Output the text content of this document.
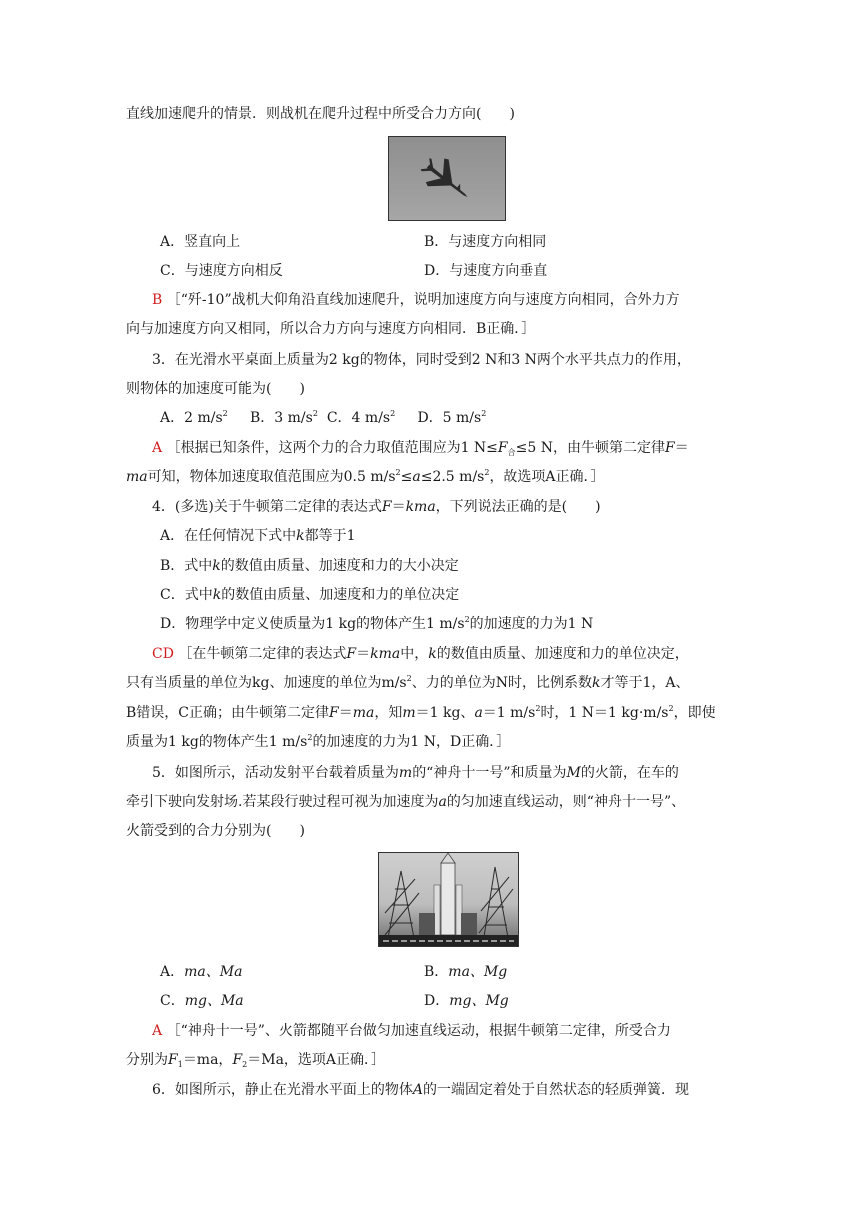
直线加速爬升的情景．则战机在爬升过程中所受合力方向(　　)
A．竖直向上	B．与速度方向相同
C．与速度方向相反	D．与速度方向垂直
B ［“歼-10”战机大仰角沿直线加速爬升，说明加速度方向与速度方向相同，合外力方
向与加速度方向又相同，所以合力方向与速度方向相同．B正确．］
3．在光滑水平桌面上质量为2 kg的物体，同时受到2 N和3 N两个水平共点力的作用，
则物体的加速度可能为(　　)
A．2 $m/s^2$ B．3 $m/s^2$ C．4 $m/s^2$ D．5 $m/s^2$
A ［根据已知条件，这两个力的合力取值范围应为1 $N\le F_合\le 5$ N，由牛顿第二定律F＝
ma可知，物体加速度取值范围应为0.5 $m/s^2\le a\le 2.5$ $m/s^2$，故选项A正确．］
4．(多选)关于牛顿第二定律的表达式F＝kma，下列说法正确的是(　　)
A．在任何情况下式中k都等于1
B．式中k的数值由质量、加速度和力的大小决定
C．式中k的数值由质量、加速度和力的单位决定
D．物理学中定义使质量为1 kg的物体产生1 $m/s^2$的加速度的力为1 N
CD ［在牛顿第二定律的表达式F＝kma中，k的数值由质量、加速度和力的单位决定，
只有当质量的单位为kg、加速度的单位为$m/s^2$、力的单位为N时，比例系数k才等于1，A、
B错误，C正确；由牛顿第二定律F＝ma，知m＝1 kg、a＝1 $m/s^2$时，1 N＝1 $kg\cdot m/s^2$，即使
质量为1 kg的物体产生1 $m/s^2$的加速度的力为1 N，D正确．］
5．如图所示，活动发射平台载着质量为m的“神舟十一号”和质量为M的火箭，在车的
牵引下驶向发射场.若某段行驶过程可视为加速度为a的匀加速直线运动，则“神舟十一号”、
火箭受到的合力分别为(　　)
A．ma、Ma	B．ma、Mg
C．mg、Ma	D．mg、Mg
A ［“神舟十一号”、火箭都随平台做匀加速直线运动，根据牛顿第二定律，所受合力
分别为$F_1=ma$，$F_2=Ma$，选项A正确．］
6．如图所示，静止在光滑水平面上的物体A的一端固定着处于自然状态的轻质弹簧．现
